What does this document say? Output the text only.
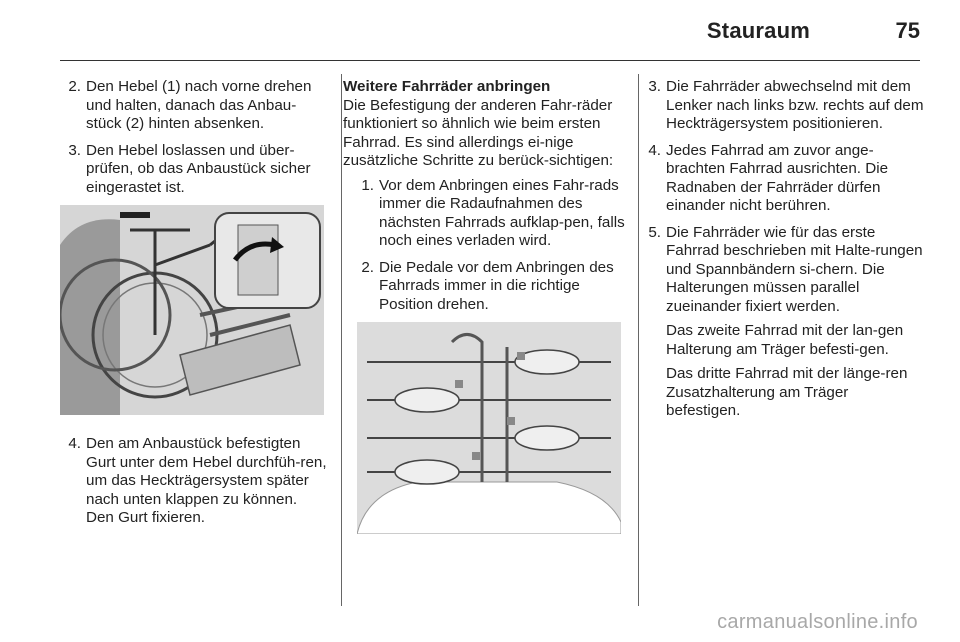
Stauraum	75
2. Den Hebel (1) nach vorne drehen und halten, danach das Anbau-stück (2) hinten absenken.
3. Den Hebel loslassen und über-prüfen, ob das Anbaustück sicher eingerastet ist.
4. Den am Anbaustück befestigten Gurt unter dem Hebel durchfüh-ren, um das Heckträgersystem später nach unten klappen zu können. Den Gurt fixieren.
Weitere Fahrräder anbringen

Die Befestigung der anderen Fahr-räder funktioniert so ähnlich wie beim ersten Fahrrad. Es sind allerdings ei-nige zusätzliche Schritte zu berück-sichtigen:

1. Vor dem Anbringen eines Fahr-rads immer die Radaufnahmen des nächsten Fahrrads aufklap-pen, falls noch eines verladen wird.
2. Die Pedale vor dem Anbringen des Fahrrads immer in die richtige Position drehen.
3. Die Fahrräder abwechselnd mit dem Lenker nach links bzw. rechts auf dem Heckträgersystem positionieren.
4. Jedes Fahrrad am zuvor ange-brachten Fahrrad ausrichten. Die Radnaben der Fahrräder dürfen einander nicht berühren.
5. Die Fahrräder wie für das erste Fahrrad beschrieben mit Halte-rungen und Spannbändern si-chern. Die Halterungen müssen parallel zueinander fixiert werden.

Das zweite Fahrrad mit der lan-gen Halterung am Träger befesti-gen.

Das dritte Fahrrad mit der länge-ren Zusatzhalterung am Träger befestigen.

carmanualsonline.info
